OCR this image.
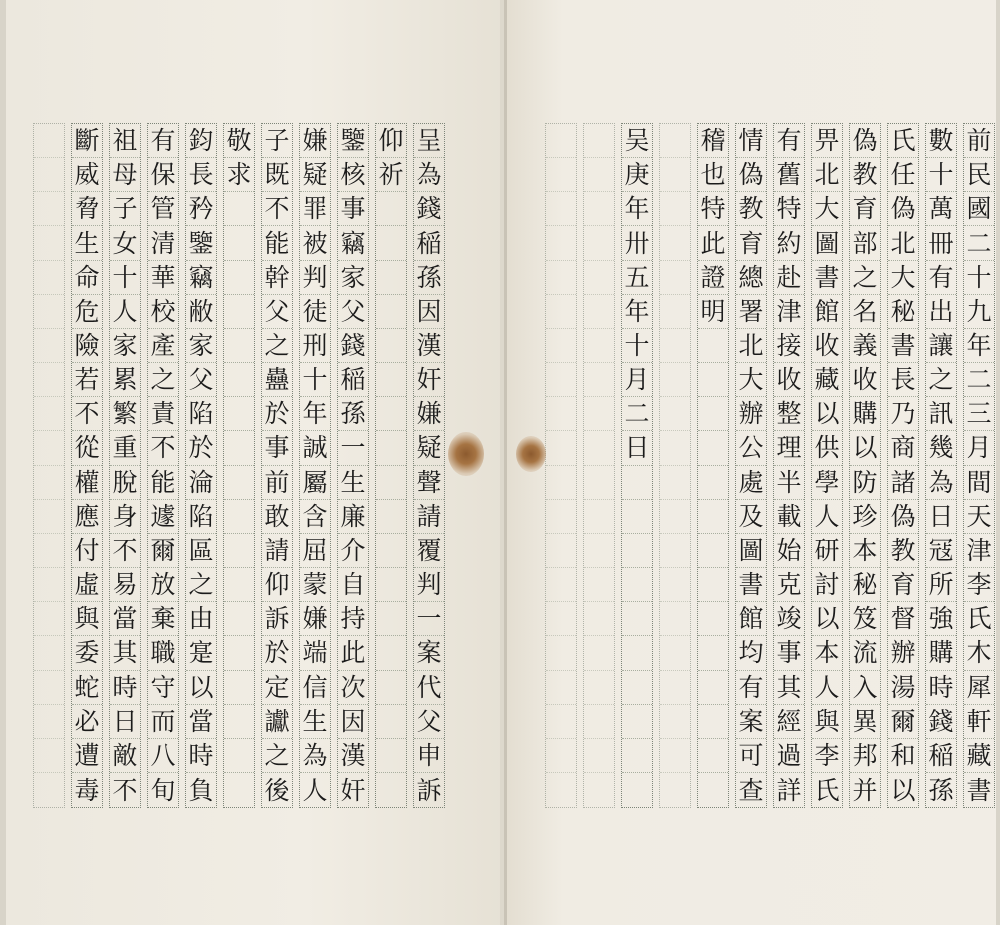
斷
威
脅
生
命
危
險
若
不
從
權
應
付
虛
與
委
蛇
必
遭
毒
祖
母
子
女
十
人
家
累
繁
重
脫
身
不
易
當
其
時
日
敵
不
有
保
管
清
華
校
產
之
責
不
能
遽
爾
放
棄
職
守
而
八
旬
鈞
長
矜
鑒
竊
敝
家
父
陷
於
淪
陷
區
之
由
寔
以
當
時
負
敬
求
子
既
不
能
幹
父
之
蠱
於
事
前
敢
請
仰
訴
於
定
讞
之
後
嫌
疑
罪
被
判
徒
刑
十
年
誠
屬
含
屈
蒙
嫌
端
信
生
為
人
鑒
核
事
竊
家
父
錢
稲
孫
一
生
廉
介
自
持
此
次
因
漢
奸
仰
祈
呈
為
錢
稲
孫
因
漢
奸
嫌
疑
聲
請
覆
判
一
案
代
父
申
訴
吴
庚
年
卅
五
年
十
月
二
日
稽
也
特
此
證
明
情
偽
教
育
總
署
北
大
辦
公
處
及
圖
書
館
均
有
案
可
查
有
舊
特
約
赴
津
接
收
整
理
半
載
始
克
竣
事
其
經
過
詳
畀
北
大
圖
書
館
收
藏
以
供
學
人
研
討
以
本
人
與
李
氏
偽
教
育
部
之
名
義
收
購
以
防
珍
本
秘
笈
流
入
異
邦
并
氏
任
偽
北
大
秘
書
長
乃
商
諸
偽
教
育
督
辦
湯
爾
和
以
數
十
萬
冊
有
出
讓
之
訊
幾
為
日
冦
所
強
購
時
錢
稲
孫
前
民
國
二
十
九
年
二
三
月
間
天
津
李
氏
木
犀
軒
藏
書
